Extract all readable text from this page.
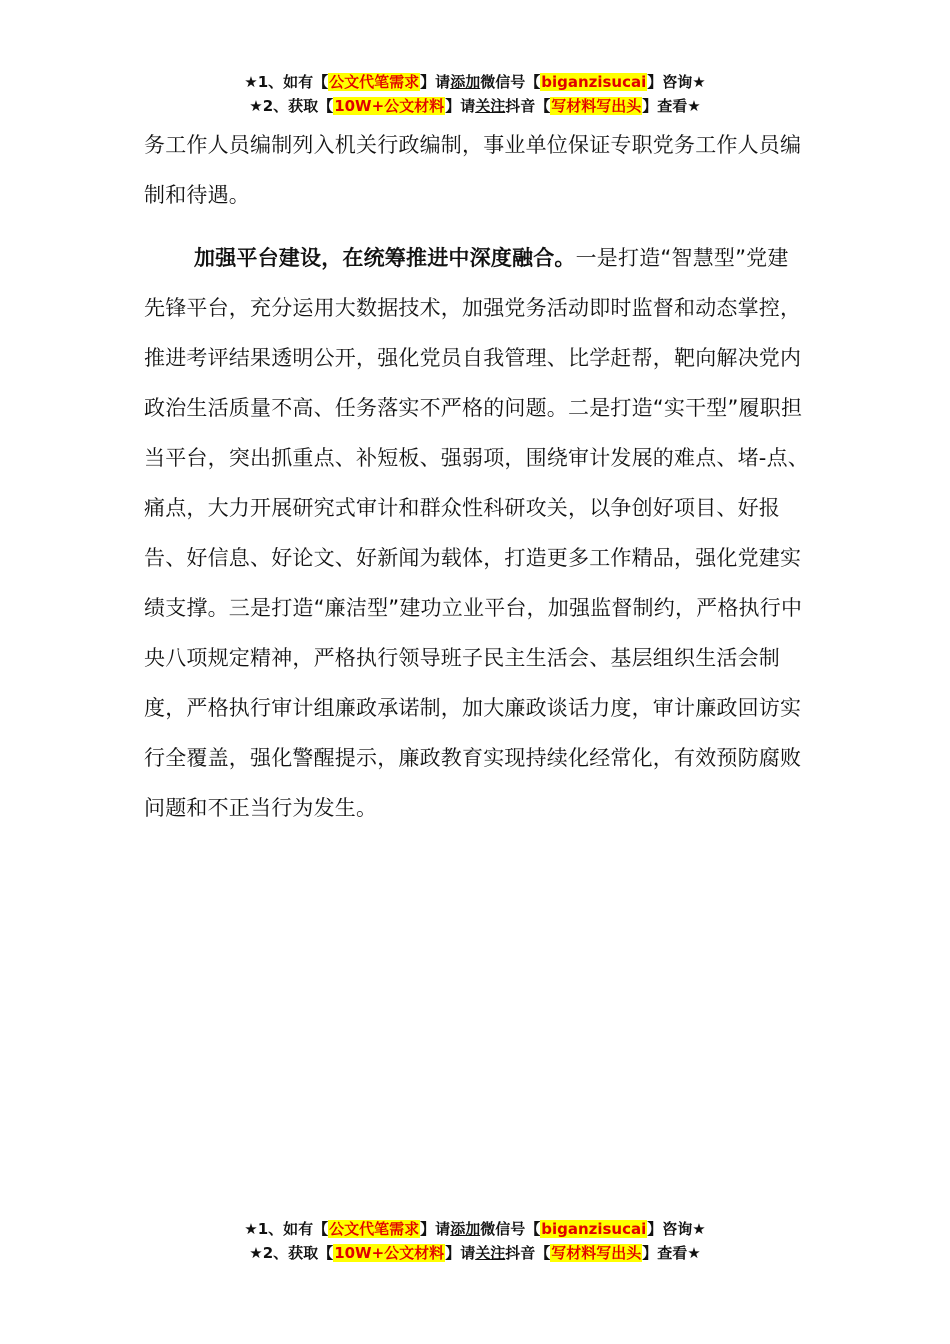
★1、如有【公文代笔需求】请添加微信号【biganzisucai】咨询★
★2、获取【10W+公文材料】请关注抖音【写材料写出头】查看★

务工作人员编制列入机关行政编制，事业单位保证专职党务工作人员编制和待遇。

加强平台建设，在统筹推进中深度融合。一是打造“智慧型”党建先锋平台，充分运用大数据技术，加强党务活动即时监督和动态掌控，推进考评结果透明公开，强化党员自我管理、比学赶帮，靶向解决党内政治生活质量不高、任务落实不严格的问题。二是打造“实干型”履职担当平台，突出抓重点、补短板、强弱项，围绕审计发展的难点、堵-点、痛点，大力开展研究式审计和群众性科研攻关，以争创好项目、好报告、好信息、好论文、好新闻为载体，打造更多工作精品，强化党建实绩支撑。三是打造“廉洁型”建功立业平台，加强监督制约，严格执行中央八项规定精神，严格执行领导班子民主生活会、基层组织生活会制度，严格执行审计组廉政承诺制，加大廉政谈话力度，审计廉政回访实行全覆盖，强化警醒提示，廉政教育实现持续化经常化，有效预防腐败问题和不正当行为发生。

★1、如有【公文代笔需求】请添加微信号【biganzisucai】咨询★
★2、获取【10W+公文材料】请关注抖音【写材料写出头】查看★
